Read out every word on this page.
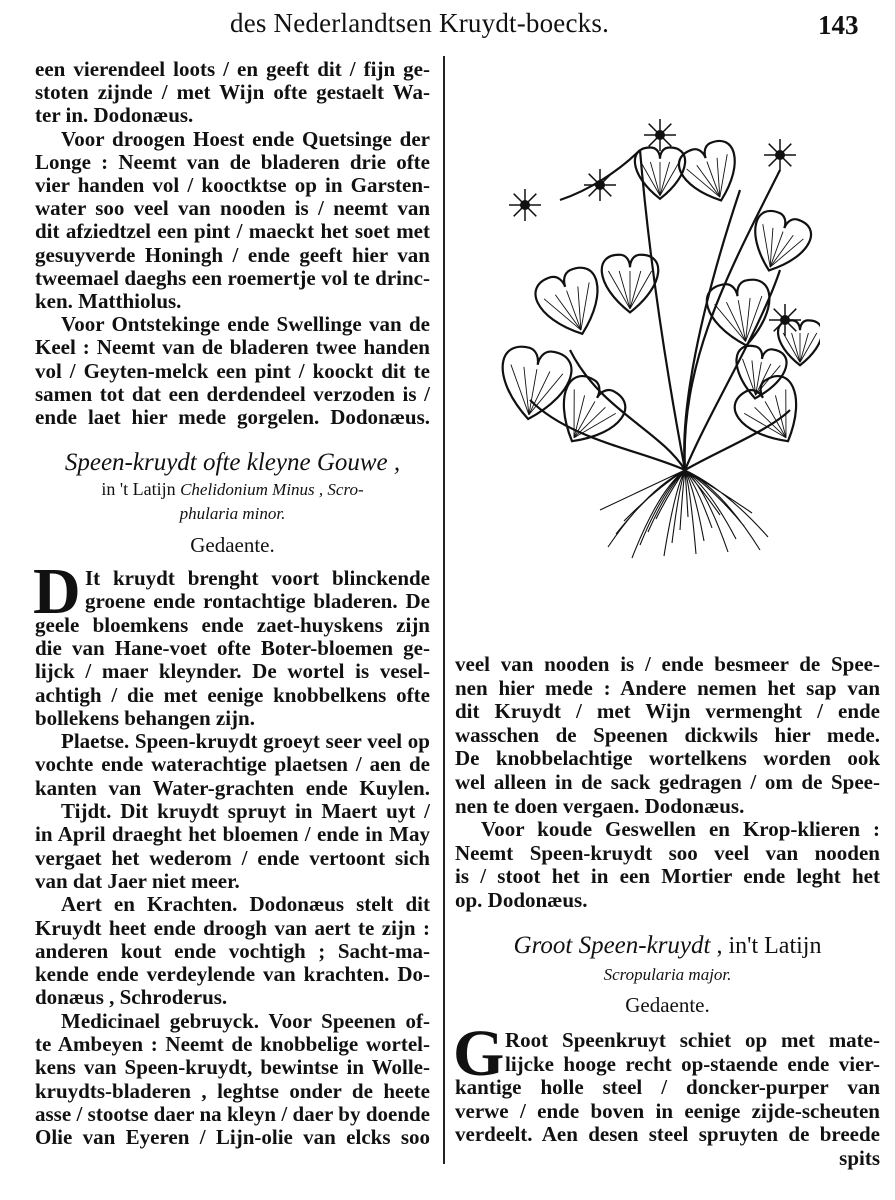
des Nederlandtsen Kruydt-boecks.	143
een vierendeel loots / en geeft dit / fijn ge-
stoten zijnde / met Wijn ofte gestaelt Wa-
ter in. Dodonæus.
Voor droogen Hoest ende Quetsinge der
Longe : Neemt van de bladeren drie ofte
vier handen vol / kooctktse op in Garsten-
water soo veel van nooden is / neemt van
dit afziedtzel een pint / maeckt het soet met
gesuyverde Honingh / ende geeft hier van
tweemael daeghs een roemertje vol te drinc-
ken. Matthiolus.
Voor Ontstekinge ende Swellinge van de
Keel : Neemt van de bladeren twee handen
vol / Geyten-melck een pint / koockt dit te
samen tot dat een derdendeel verzoden is /
ende laet hier mede gorgelen. Dodonæus.
It kruydt brenght voort blinckende
groene ende rontachtige bladeren. De
geele bloemkens ende zaet-huyskens zijn
die van Hane-voet ofte Boter-bloemen ge-
lijck / maer kleynder. De wortel is vesel-
achtigh / die met eenige knobbelkens ofte
bollekens behangen zijn.
Plaetse. Speen-kruydt groeyt seer veel op
vochte ende waterachtige plaetsen / aen de
kanten van Water-grachten ende Kuylen.
Tijdt. Dit kruydt spruyt in Maert uyt /
in April draeght het bloemen / ende in May
vergaet het wederom / ende vertoont sich
van dat Jaer niet meer.
Aert en Krachten. Dodonæus stelt dit
Kruydt heet ende droogh van aert te zijn :
anderen kout ende vochtigh ; Sacht-ma-
kende ende verdeylende van krachten. Do-
donæus , Schroderus.
Medicinael gebruyck. Voor Speenen of-
te Ambeyen : Neemt de knobbelige wortel-
kens van Speen-kruydt, bewintse in Wolle-
kruydts-bladeren , leghtse onder de heete
asse / stootse daer na kleyn / daer by doende
Olie van Eyeren / Lijn-olie van elcks soo
Speen-kruydt ofte kleyne Gouwe ,
in 't Latijn Chelidonium Minus , Scro-
phularia minor.
Gedaente.
D
veel van nooden is / ende besmeer de Spee-
nen hier mede : Andere nemen het sap van
dit Kruydt / met Wijn vermenght / ende
wasschen de Speenen dickwils hier mede.
De knobbelachtige wortelkens worden ook
wel alleen in de sack gedragen / om de Spee-
nen te doen vergaen. Dodonæus.
Voor koude Geswellen en Krop-klieren :
Neemt Speen-kruydt soo veel van nooden
is / stoot het in een Mortier ende leght het
op. Dodonæus.
Root Speenkruyt schiet op met mate-
lijcke hooge recht op-staende ende vier-
kantige holle steel / doncker-purper van
verwe / ende boven in eenige zijde-scheuten
verdeelt. Aen desen steel spruyten de breede
spits
Groot Speen-kruydt , in't Latijn
Scropularia major.
Gedaente.
G
